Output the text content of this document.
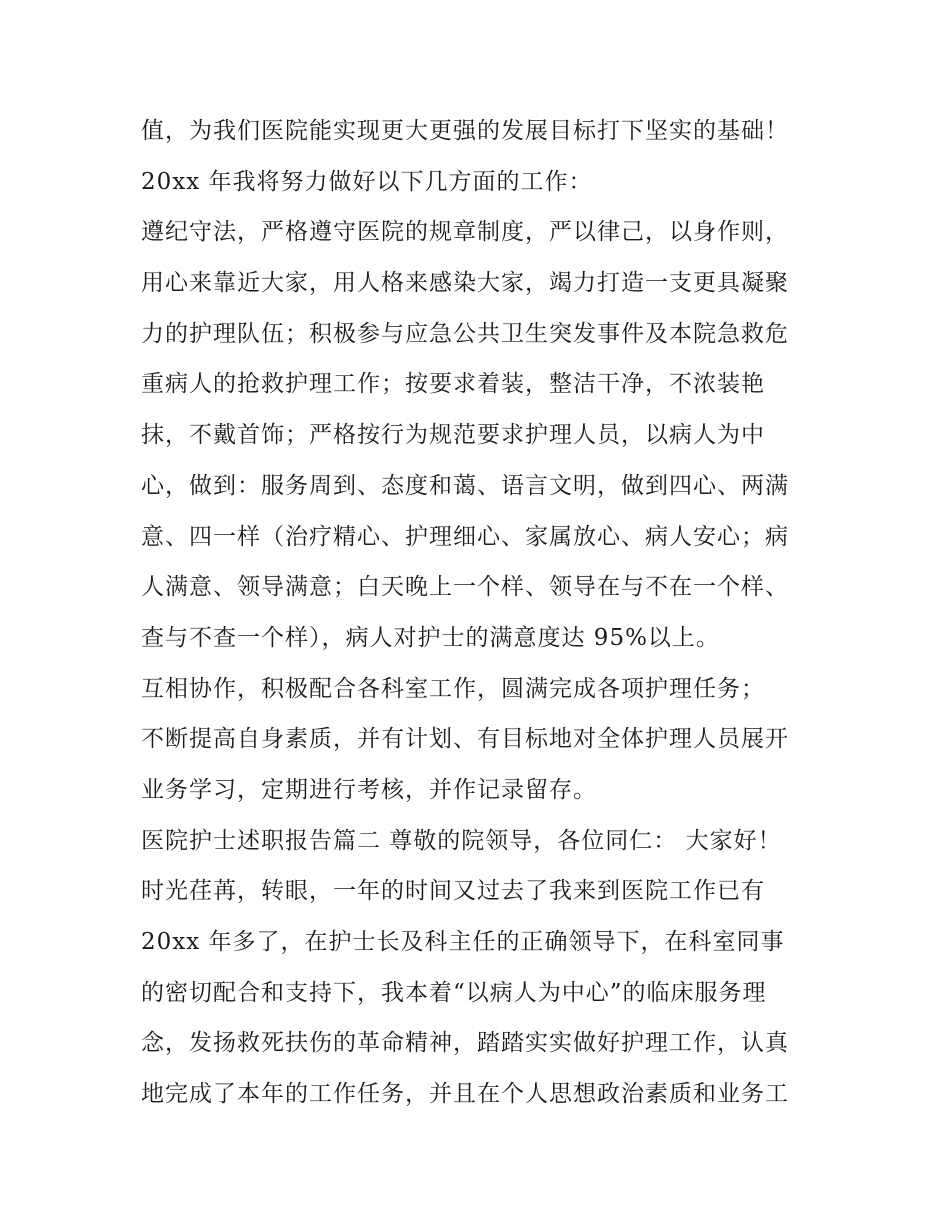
值，为我们医院能实现更大更强的发展目标打下坚实的基础！
20xx 年我将努力做好以下几方面的工作：
遵纪守法，严格遵守医院的规章制度，严以律己，以身作则，
用心来靠近大家，用人格来感染大家，竭力打造一支更具凝聚
力的护理队伍；积极参与应急公共卫生突发事件及本院急救危
重病人的抢救护理工作；按要求着装，整洁干净，不浓装艳
抹，不戴首饰；严格按行为规范要求护理人员，以病人为中
心，做到：服务周到、态度和蔼、语言文明，做到四心、两满
意、四一样（治疗精心、护理细心、家属放心、病人安心；病
人满意、领导满意；白天晚上一个样、领导在与不在一个样、
查与不查一个样），病人对护士的满意度达 95%以上。
互相协作，积极配合各科室工作，圆满完成各项护理任务；
不断提高自身素质，并有计划、有目标地对全体护理人员展开
业务学习，定期进行考核，并作记录留存。
医院护士述职报告篇二 尊敬的院领导，各位同仁： 大家好！
时光荏苒，转眼，一年的时间又过去了我来到医院工作已有
20xx 年多了，在护士长及科主任的正确领导下，在科室同事
的密切配合和支持下，我本着“以病人为中心”的临床服务理
念，发扬救死扶伤的革命精神，踏踏实实做好护理工作，认真
地完成了本年的工作任务，并且在个人思想政治素质和业务工
